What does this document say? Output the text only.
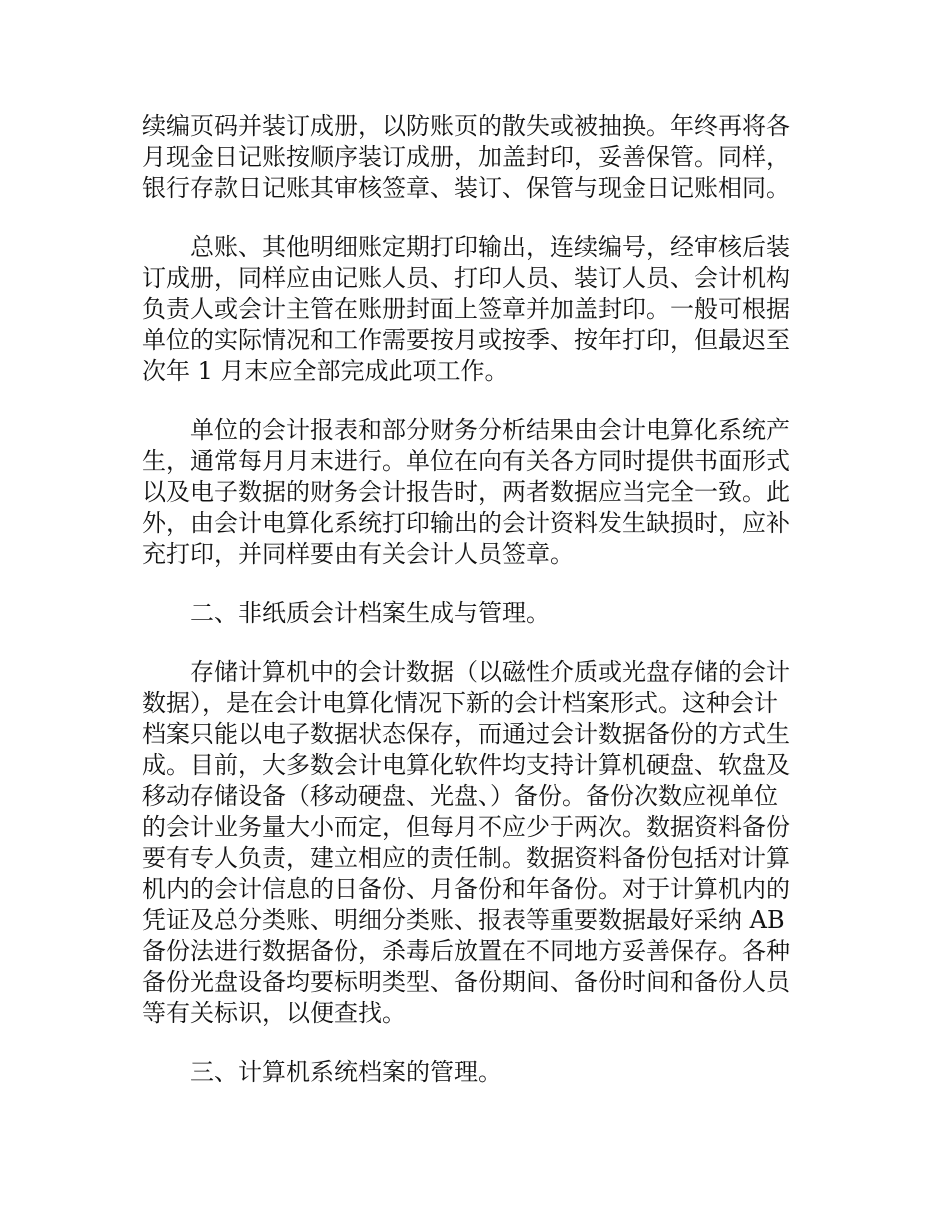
续编页码并装订成册，以防账页的散失或被抽换。年终再将各
月现金日记账按顺序装订成册，加盖封印，妥善保管。同样，
银行存款日记账其审核签章、装订、保管与现金日记账相同。

总账、其他明细账定期打印输出，连续编号，经审核后装
订成册，同样应由记账人员、打印人员、装订人员、会计机构
负责人或会计主管在账册封面上签章并加盖封印。一般可根据
单位的实际情况和工作需要按月或按季、按年打印，但最迟至
次年 1 月末应全部完成此项工作。

单位的会计报表和部分财务分析结果由会计电算化系统产
生，通常每月月末进行。单位在向有关各方同时提供书面形式
以及电子数据的财务会计报告时，两者数据应当完全一致。此
外，由会计电算化系统打印输出的会计资料发生缺损时，应补
充打印，并同样要由有关会计人员签章。

二、非纸质会计档案生成与管理。

存储计算机中的会计数据（以磁性介质或光盘存储的会计
数据），是在会计电算化情况下新的会计档案形式。这种会计
档案只能以电子数据状态保存，而通过会计数据备份的方式生
成。目前，大多数会计电算化软件均支持计算机硬盘、软盘及
移动存储设备（移动硬盘、光盘、）备份。备份次数应视单位
的会计业务量大小而定，但每月不应少于两次。数据资料备份
要有专人负责，建立相应的责任制。数据资料备份包括对计算
机内的会计信息的日备份、月备份和年备份。对于计算机内的
凭证及总分类账、明细分类账、报表等重要数据最好采纳 AB
备份法进行数据备份，杀毒后放置在不同地方妥善保存。各种
备份光盘设备均要标明类型、备份期间、备份时间和备份人员
等有关标识，以便查找。

三、计算机系统档案的管理。
